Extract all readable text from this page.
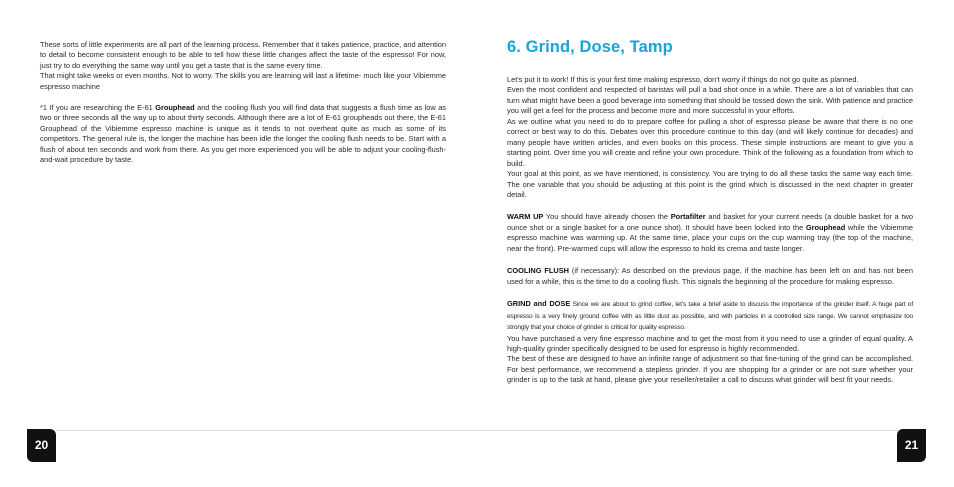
These sorts of little experiments are all part of the learning process. Remember that it takes patience, practice, and attention to detail to become consistent enough to be able to tell how these little changes affect the taste of the espresso! For now, just try to do everything the same way until you get a taste that is the same every time.

That might take weeks or even months. Not to worry. The skills you are learning will last a lifetime- much like your Vibiemme espresso machine

*1 If you are researching the E-61 Grouphead and the cooling flush you will find data that suggests a flush time as low as two or three seconds all the way up to about thirty seconds. Although there are a lot of E-61 groupheads out there, the E-61 Grouphead of the Vibiemme espresso machine is unique as it tends to not overheat quite as much as some of its competitors. The general rule is, the longer the machine has been idle the longer the cooling flush needs to be. Start with a flush of about ten seconds and work from there. As you get more experienced you will be able to adjust your cooling-flush-and-wait procedure by taste.

20
6. Grind, Dose, Tamp

Let's put it to work! If this is your first time making espresso, don't worry if things do not go quite as planned.

Even the most confident and respected of baristas will pull a bad shot once in a while. There are a lot of variables that can turn what might have been a good beverage into something that should be tossed down the sink. With patience and practice you will get a feel for the process and become more and more successful in your efforts.

As we outline what you need to do to prepare coffee for pulling a shot of espresso please be aware that there is no one correct or best way to do this. Debates over this procedure continue to this day (and will likely continue for decades) and many people have written articles, and even books on this process. These simple instructions are meant to give you a starting point. Over time you will create and refine your own procedure. Think of the following as a foundation from which to build.

Your goal at this point, as we have mentioned, is consistency. You are trying to do all these tasks the same way each time. The one variable that you should be adjusting at this point is the grind which is discussed in the next chapter in greater detail.

WARM UP You should have already chosen the Portafilter and basket for your current needs (a double basket for a two ounce shot or a single basket for a one ounce shot). It should have been locked into the Grouphead while the Vibiemme espresso machine was warming up. At the same time, place your cups on the cup warming tray (the top of the machine, near the front). Pre-warmed cups will allow the espresso to hold its crema and taste longer.

COOLING FLUSH (if necessary): As described on the previous page, if the machine has been left on and has not been used for a while, this is the time to do a cooling flush. This signals the beginning of the procedure for making espresso.

GRIND and DOSE Since we are about to grind coffee, let's take a brief aside to discuss the importance of the grinder itself. A huge part of espresso is a very finely ground coffee with as little dust as possible, and with particles in a controlled size range. We cannot emphasize too strongly that your choice of grinder is critical for quality espresso.

You have purchased a very fine espresso machine and to get the most from it you need to use a grinder of equal quality. A high-quality grinder specifically designed to be used for espresso is highly recommended.

The best of these are designed to have an infinite range of adjustment so that fine-tuning of the grind can be accomplished. For best performance, we recommend a stepless grinder. If you are shopping for a grinder or are not sure whether your grinder is up to the task at hand, please give your reseller/retailer a call to discuss what grinder will best fit your needs.

21
